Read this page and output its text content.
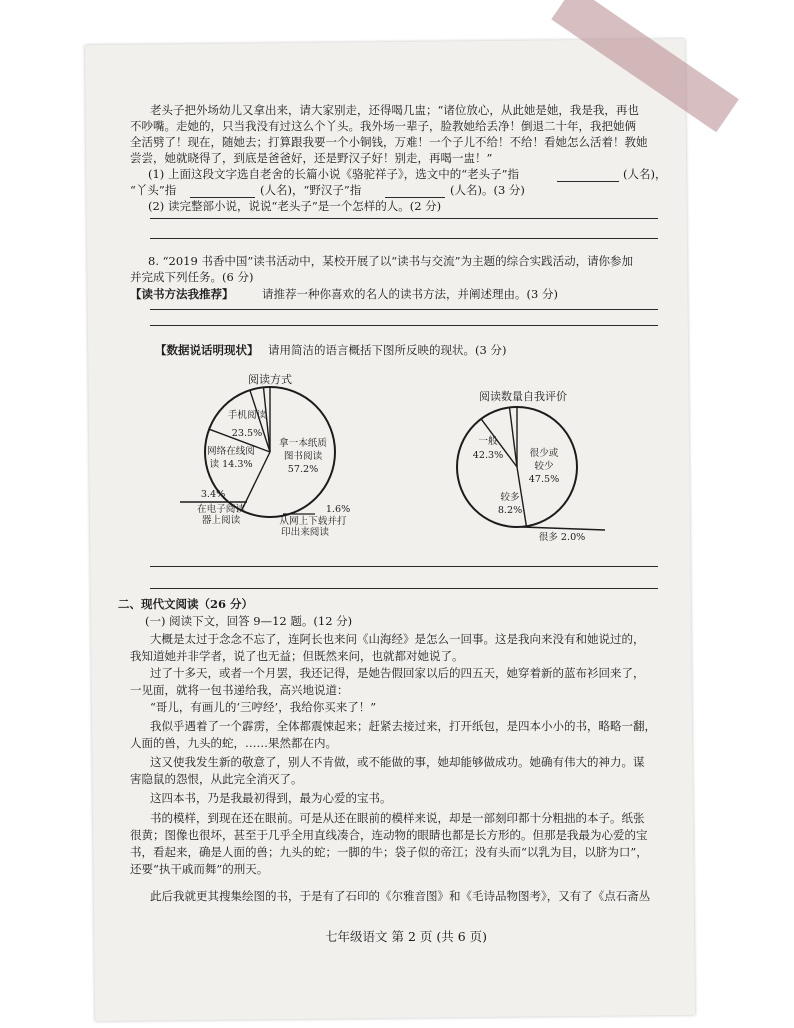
老头子把外场幼儿又拿出来，请大家别走，还得喝几盅；“诸位放心，从此她是她，我是我，再也
不吵嘴。走她的，只当我没有过这么个丫头。我外场一辈子，脸教她给丢净！倒退二十年，我把她俩
全活劈了！现在，随她去；打算跟我要一个小铜钱，万难！一个子儿不给！不给！看她怎么活着！教她
尝尝，她就晓得了，到底是爸爸好，还是野汉子好！别走，再喝一盅！”
(1) 上面这段文字选自老舍的长篇小说《骆驼祥子》，选文中的“老头子”指	(人名)，
“丫头”指	(人名)，“野汉子”指	(人名)。(3 分)
(2) 读完整部小说，说说“老头子”是一个怎样的人。(2 分)
8. “2019 书香中国”读书活动中，某校开展了以“读书与交流”为主题的综合实践活动，请你参加
并完成下列任务。(6 分)
【读书方法我推荐】 请推荐一种你喜欢的名人的读书方法，并阐述理由。(3 分)
【数据说话明现状】 请用简洁的语言概括下图所反映的现状。(3 分)
阅读方式
拿一本纸质
图书阅读
57.2%
手机阅读
23.5%
网络在线阅
读 14.3%
3.4%
在电子阅读
器上阅读
1.6%
从网上下载并打
印出来阅读
阅读数量自我评价
很少或
较少
47.5%
一般
42.3%
较多
8.2%
很多 2.0%
二、现代文阅读（26 分）
(一) 阅读下文，回答 9—12 题。(12 分)
大概是太过于念念不忘了，连阿长也来问《山海经》是怎么一回事。这是我向来没有和她说过的，
我知道她并非学者，说了也无益；但既然来问，也就都对她说了。
过了十多天，或者一个月罢，我还记得，是她告假回家以后的四五天，她穿着新的蓝布衫回来了，
一见面，就将一包书递给我，高兴地说道：
“哥儿，有画儿的‘三哼经’，我给你买来了！”
我似乎遇着了一个霹雳，全体都震悚起来；赶紧去接过来，打开纸包，是四本小小的书，略略一翻，
人面的兽，九头的蛇，……果然都在内。
这又使我发生新的敬意了，别人不肯做，或不能做的事，她却能够做成功。她确有伟大的神力。谋
害隐鼠的怨恨，从此完全消灭了。
这四本书，乃是我最初得到，最为心爱的宝书。
书的模样，到现在还在眼前。可是从还在眼前的模样来说，却是一部刻印都十分粗拙的本子。纸张
很黄；图像也很坏，甚至于几乎全用直线凑合，连动物的眼睛也都是长方形的。但那是我最为心爱的宝
书，看起来，确是人面的兽；九头的蛇；一脚的牛；袋子似的帝江；没有头而“以乳为目，以脐为口”，
还要“执干戚而舞”的刑天。
此后我就更其搜集绘图的书，于是有了石印的《尔雅音图》和《毛诗品物图考》，又有了《点石斋丛
七年级语文 第 2 页 (共 6 页)
